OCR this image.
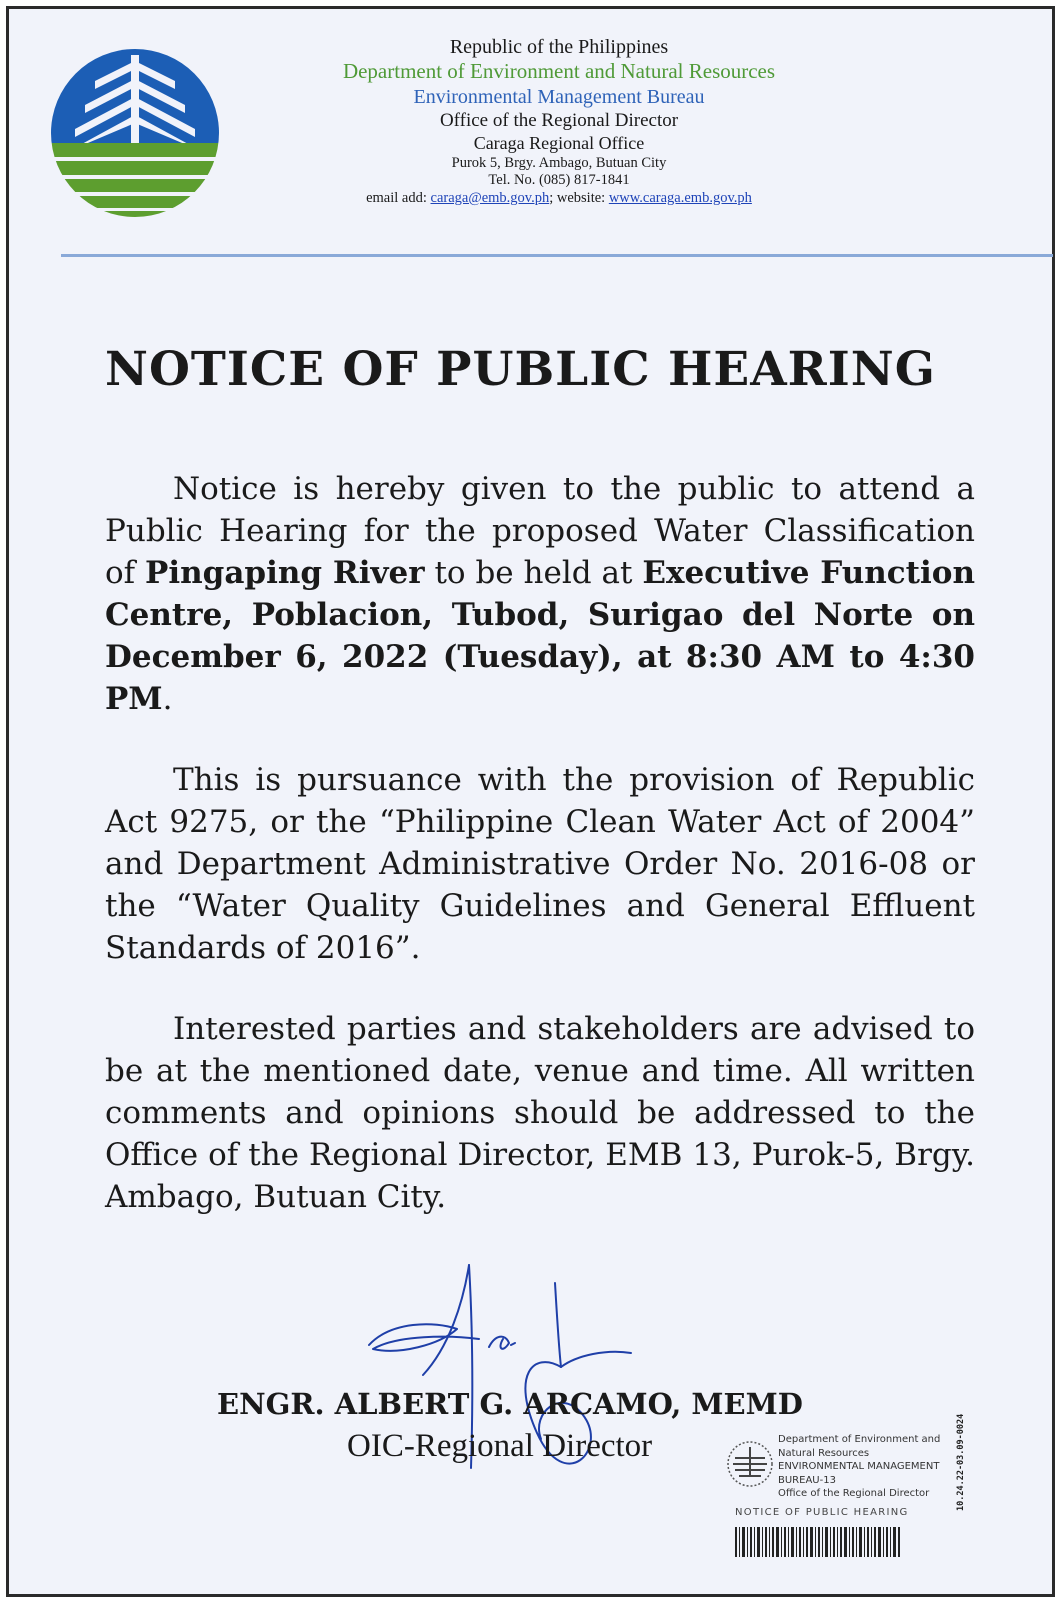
Republic of the Philippines
Department of Environment and Natural Resources
Environmental Management Bureau
Office of the Regional Director
Caraga Regional Office
Purok 5, Brgy. Ambago, Butuan City
Tel. No. (085) 817-1841
email add: caraga@emb.gov.ph; website: www.caraga.emb.gov.ph
NOTICE OF PUBLIC HEARING

Notice is hereby given to the public to attend a Public Hearing for the proposed Water Classification of Pingaping River to be held at Executive Function Centre, Poblacion, Tubod, Surigao del Norte on December 6, 2022 (Tuesday), at 8:30 AM to 4:30 PM.

This is pursuance with the provision of Republic Act 9275, or the “Philippine Clean Water Act of 2004” and Department Administrative Order No. 2016-08 or the “Water Quality Guidelines and General Effluent Standards of 2016”.

Interested parties and stakeholders are advised to be at the mentioned date, venue and time. All written comments and opinions should be addressed to the Office of the Regional Director, EMB 13, Purok-5, Brgy. Ambago, Butuan City.

ENGR. ALBERT G. ARCAMO, MEMD
OIC-Regional Director	Department of Environment and
Natural Resources
ENVIRONMENTAL MANAGEMENT
BUREAU-13
Office of the Regional Director
NOTICE OF PUBLIC HEARING
10.24.22-03.09-0024
